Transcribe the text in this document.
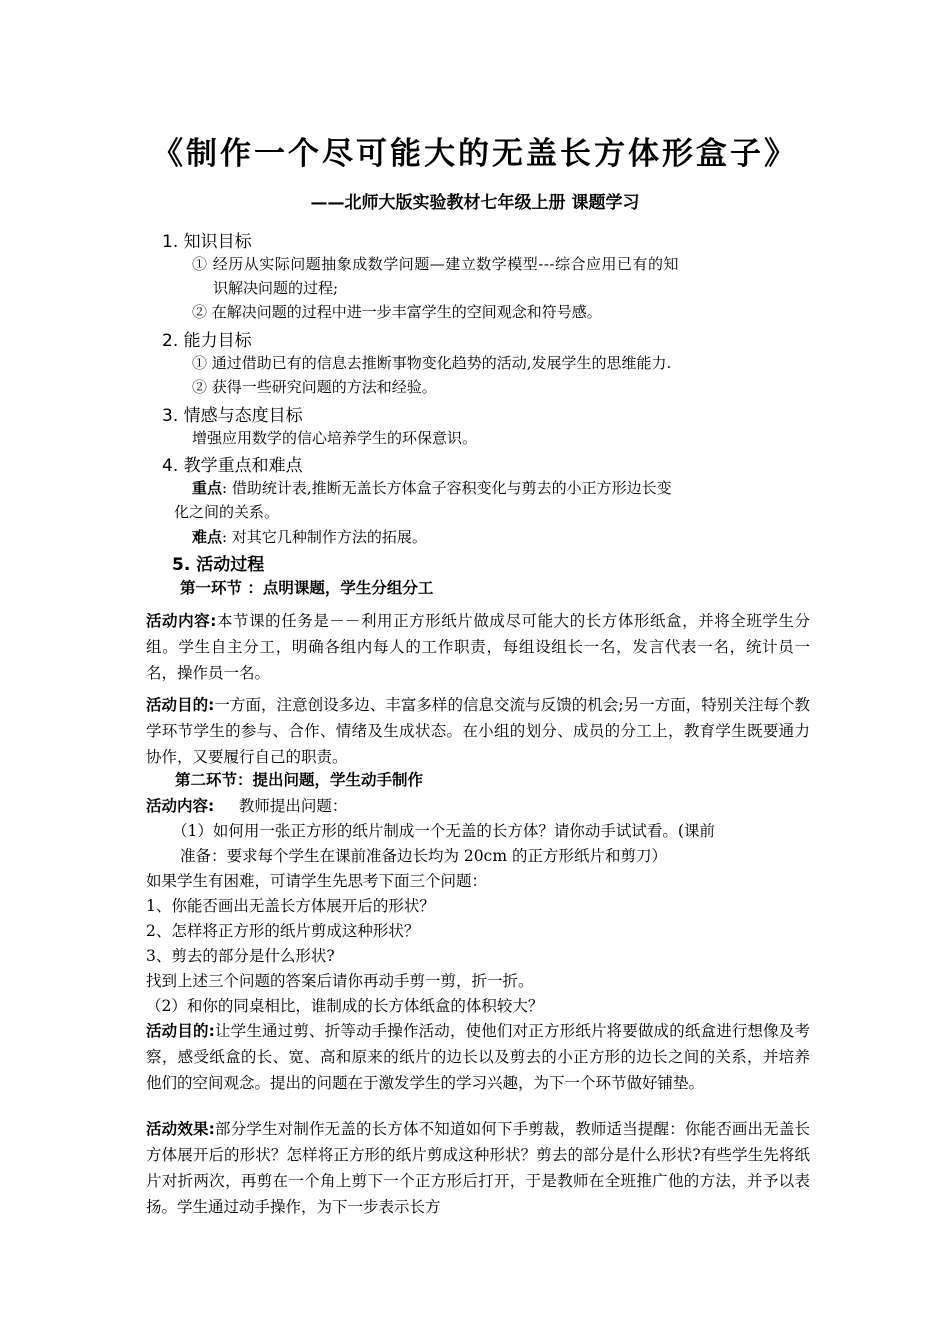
《制作一个尽可能大的无盖长方体形盒子》
——北师大版实验教材七年级上册 课题学习
1. 知识目标
① 经历从实际问题抽象成数学问题—建立数学模型---综合应用已有的知
识解决问题的过程;
② 在解决问题的过程中进一步丰富学生的空间观念和符号感。
2. 能力目标
① 通过借助已有的信息去推断事物变化趋势的活动,发展学生的思维能力.
② 获得一些研究问题的方法和经验。
3. 情感与态度目标
增强应用数学的信心培养学生的环保意识。
4. 教学重点和难点
重点: 借助统计表,推断无盖长方体盒子容积变化与剪去的小正方形边长变
化之间的关系。
难点: 对其它几种制作方法的拓展。
5. 活动过程
第一环节 ：点明课题，学生分组分工
活动内容:本节课的任务是－－利用正方形纸片做成尽可能大的长方体形纸盒，并将全班学生分组。学生自主分工，明确各组内每人的工作职责，每组设组长一名，发言代表一名，统计员一名，操作员一名。
活动目的:一方面，注意创设多边、丰富多样的信息交流与反馈的机会;另一方面，特别关注每个教学环节学生的参与、合作、情绪及生成状态。在小组的划分、成员的分工上，教育学生既要通力协作，又要履行自己的职责。
第二环节：提出问题，学生动手制作
活动内容:     教师提出问题：
（1）如何用一张正方形的纸片制成一个无盖的长方体？请你动手试试看。(课前
准备：要求每个学生在课前准备边长均为 20cm 的正方形纸片和剪刀）
如果学生有困难，可请学生先思考下面三个问题：
1、你能否画出无盖长方体展开后的形状？
2、怎样将正方形的纸片剪成这种形状？
3、剪去的部分是什么形状?
找到上述三个问题的答案后请你再动手剪一剪，折一折。
（2）和你的同桌相比，谁制成的长方体纸盒的体积较大？
活动目的:让学生通过剪、折等动手操作活动，使他们对正方形纸片将要做成的纸盒进行想像及考察，感受纸盒的长、宽、高和原来的纸片的边长以及剪去的小正方形的边长之间的关系，并培养他们的空间观念。提出的问题在于激发学生的学习兴趣，为下一个环节做好铺垫。
活动效果:部分学生对制作无盖的长方体不知道如何下手剪裁，教师适当提醒：你能否画出无盖长方体展开后的形状？怎样将正方形的纸片剪成这种形状？剪去的部分是什么形状?有些学生先将纸片对折两次，再剪在一个角上剪下一个正方形后打开，于是教师在全班推广他的方法，并予以表扬。学生通过动手操作，为下一步表示长方
